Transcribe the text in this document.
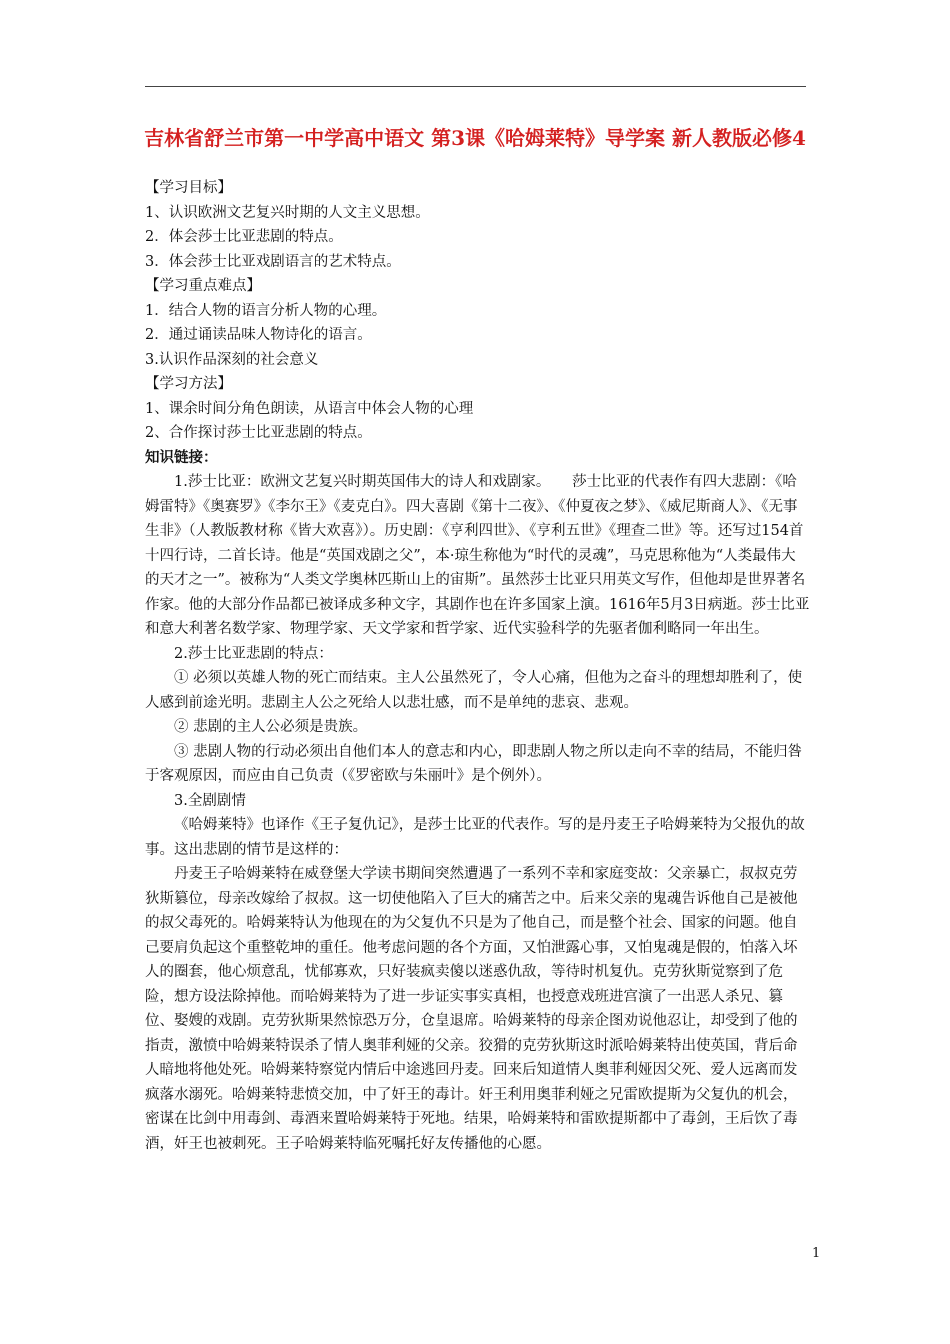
吉林省舒兰市第一中学高中语文 第3课《哈姆莱特》导学案 新人教版必修4

【学习目标】

1、认识欧洲文艺复兴时期的人文主义思想。

2．体会莎士比亚悲剧的特点。

3．体会莎士比亚戏剧语言的艺术特点。

【学习重点难点】

1．结合人物的语言分析人物的心理。

2．通过诵读品味人物诗化的语言。

3.认识作品深刻的社会意义

【学习方法】

1、课余时间分角色朗读，从语言中体会人物的心理

2、合作探讨莎士比亚悲剧的特点。

知识链接：

1.莎士比亚：欧洲文艺复兴时期英国伟大的诗人和戏剧家。　　莎士比亚的代表作有四大悲剧：《哈姆雷特》《奥赛罗》《李尔王》《麦克白》。四大喜剧《第十二夜》、《仲夏夜之梦》、《威尼斯商人》、《无事生非》（人教版教材称《皆大欢喜》）。历史剧：《亨利四世》、《亨利五世》《理查二世》等。还写过154首十四行诗，二首长诗。他是“英国戏剧之父”，本·琼生称他为“时代的灵魂”，马克思称他为“人类最伟大的天才之一”。被称为“人类文学奥林匹斯山上的宙斯”。虽然莎士比亚只用英文写作，但他却是世界著名作家。他的大部分作品都已被译成多种文字，其剧作也在许多国家上演。1616年5月3日病逝。莎士比亚和意大利著名数学家、物理学家、天文学家和哲学家、近代实验科学的先驱者伽利略同一年出生。

2.莎士比亚悲剧的特点：

① 必须以英雄人物的死亡而结束。主人公虽然死了，令人心痛，但他为之奋斗的理想却胜利了，使人感到前途光明。悲剧主人公之死给人以悲壮感，而不是单纯的悲哀、悲观。

② 悲剧的主人公必须是贵族。

③ 悲剧人物的行动必须出自他们本人的意志和内心，即悲剧人物之所以走向不幸的结局，不能归咎于客观原因，而应由自己负责（《罗密欧与朱丽叶》是个例外）。

3.全剧剧情

《哈姆莱特》也译作《王子复仇记》，是莎士比亚的代表作。写的是丹麦王子哈姆莱特为父报仇的故事。这出悲剧的情节是这样的：

丹麦王子哈姆莱特在威登堡大学读书期间突然遭遇了一系列不幸和家庭变故：父亲暴亡，叔叔克劳狄斯篡位，母亲改嫁给了叔叔。这一切使他陷入了巨大的痛苦之中。后来父亲的鬼魂告诉他自己是被他的叔父毒死的。哈姆莱特认为他现在的为父复仇不只是为了他自己，而是整个社会、国家的问题。他自己要肩负起这个重整乾坤的重任。他考虑问题的各个方面，又怕泄露心事，又怕鬼魂是假的，怕落入坏人的圈套，他心烦意乱，忧郁寡欢，只好装疯卖傻以迷惑仇敌，等待时机复仇。克劳狄斯觉察到了危险，想方设法除掉他。而哈姆莱特为了进一步证实事实真相，也授意戏班进宫演了一出恶人杀兄、篡位、娶嫂的戏剧。克劳狄斯果然惊恐万分，仓皇退席。哈姆莱特的母亲企图劝说他忍让，却受到了他的指责，激愤中哈姆莱特误杀了情人奥菲利娅的父亲。狡猾的克劳狄斯这时派哈姆莱特出使英国，背后命人暗地将他处死。哈姆莱特察觉内情后中途逃回丹麦。回来后知道情人奥菲利娅因父死、爱人远离而发疯落水溺死。哈姆莱特悲愤交加，中了奸王的毒计。奸王利用奥菲利娅之兄雷欧提斯为父复仇的机会，密谋在比剑中用毒剑、毒酒来置哈姆莱特于死地。结果，哈姆莱特和雷欧提斯都中了毒剑，王后饮了毒酒，奸王也被刺死。王子哈姆莱特临死嘱托好友传播他的心愿。

1
